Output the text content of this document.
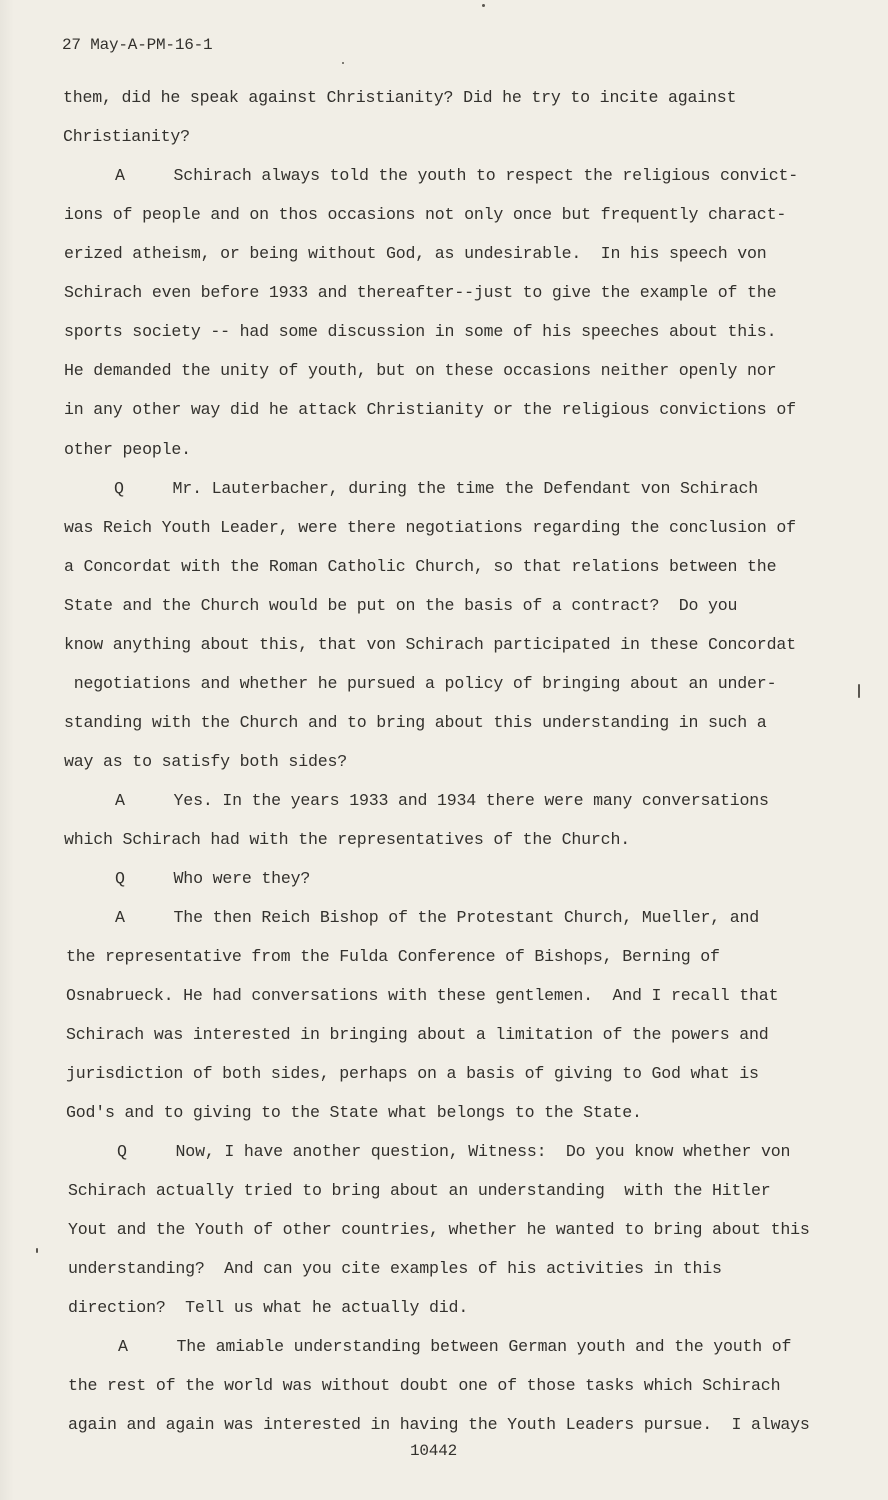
27 May-A-PM-16-1
them, did he speak against Christianity? Did he try to incite against
Christianity?
A     Schirach always told the youth to respect the religious convict-
ions of people and on thos occasions not only once but frequently charact-
erized atheism, or being without God, as undesirable.  In his speech von
Schirach even before 1933 and thereafter--just to give the example of the
sports society -- had some discussion in some of his speeches about this.
He demanded the unity of youth, but on these occasions neither openly nor
in any other way did he attack Christianity or the religious convictions of
other people.
Q     Mr. Lauterbacher, during the time the Defendant von Schirach
was Reich Youth Leader, were there negotiations regarding the conclusion of
a Concordat with the Roman Catholic Church, so that relations between the
State and the Church would be put on the basis of a contract?  Do you
know anything about this, that von Schirach participated in these Concordat
negotiations and whether he pursued a policy of bringing about an under-
standing with the Church and to bring about this understanding in such a
way as to satisfy both sides?
A     Yes. In the years 1933 and 1934 there were many conversations
which Schirach had with the representatives of the Church.
Q     Who were they?
A     The then Reich Bishop of the Protestant Church, Mueller, and
the representative from the Fulda Conference of Bishops, Berning of
Osnabrueck. He had conversations with these gentlemen.  And I recall that
Schirach was interested in bringing about a limitation of the powers and
jurisdiction of both sides, perhaps on a basis of giving to God what is
God's and to giving to the State what belongs to the State.
Q     Now, I have another question, Witness:  Do you know whether von
Schirach actually tried to bring about an understanding  with the Hitler
Yout and the Youth of other countries, whether he wanted to bring about this
understanding?  And can you cite examples of his activities in this
direction?  Tell us what he actually did.
A     The amiable understanding between German youth and the youth of
the rest of the world was without doubt one of those tasks which Schirach
again and again was interested in having the Youth Leaders pursue.  I always
10442
